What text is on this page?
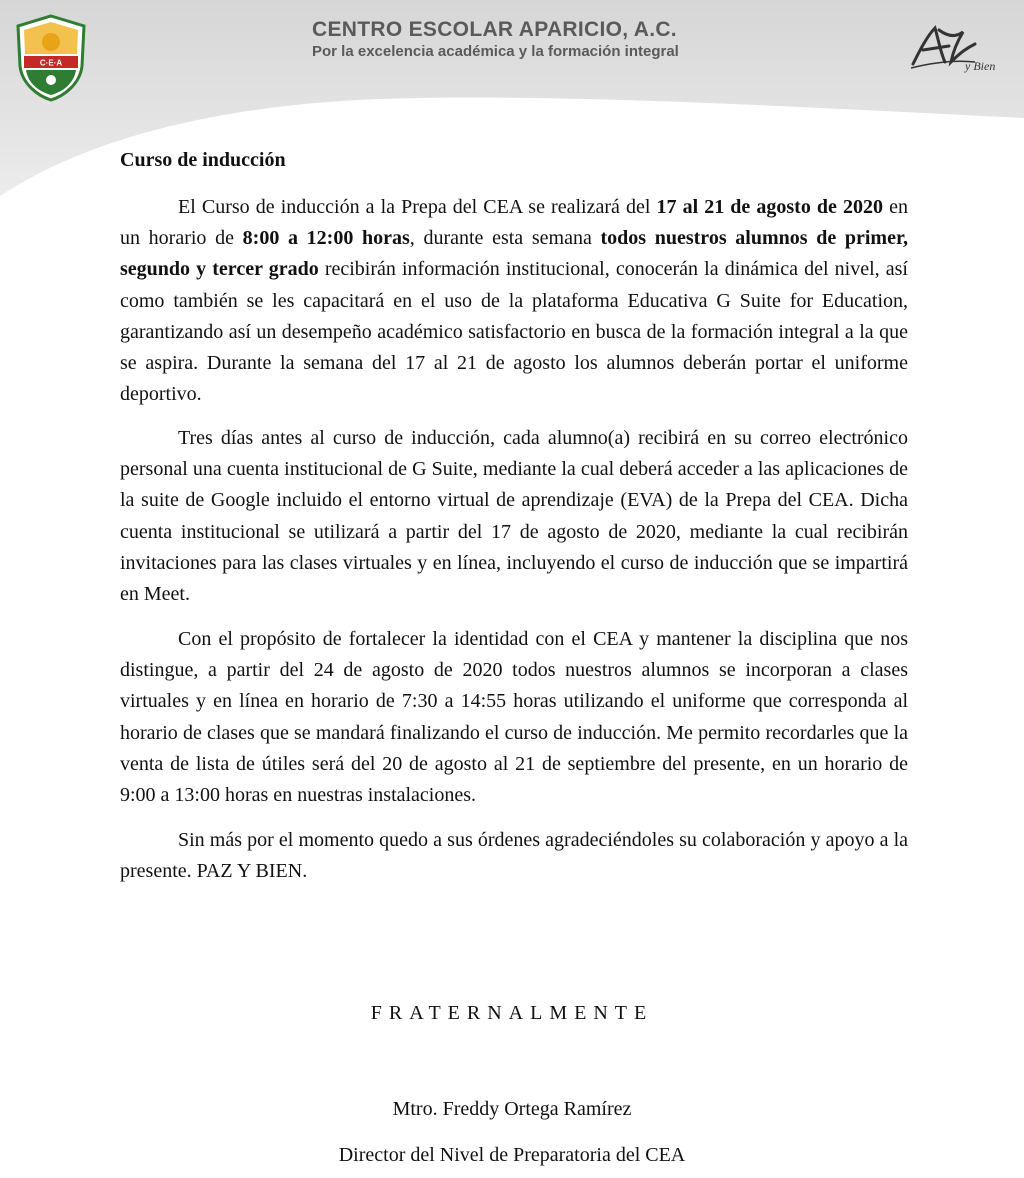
C·E·A
CENTRO ESCOLAR APARICIO, A.C.
Por la excelencia académica y la formación integral
y Bien
Curso de inducción

El Curso de inducción a la Prepa del CEA se realizará del 17 al 21 de agosto de 2020 en un horario de 8:00 a 12:00 horas, durante esta semana todos nuestros alumnos de primer, segundo y tercer grado recibirán información institucional, conocerán la dinámica del nivel, así como también se les capacitará en el uso de la plataforma Educativa G Suite for Education, garantizando así un desempeño académico satisfactorio en busca de la formación integral a la que se aspira. Durante la semana del 17 al 21 de agosto los alumnos deberán portar el uniforme deportivo.

Tres días antes al curso de inducción, cada alumno(a) recibirá en su correo electrónico personal una cuenta institucional de G Suite, mediante la cual deberá acceder a las aplicaciones de la suite de Google incluido el entorno virtual de aprendizaje (EVA) de la Prepa del CEA. Dicha cuenta institucional se utilizará a partir del 17 de agosto de 2020, mediante la cual recibirán invitaciones para las clases virtuales y en línea, incluyendo el curso de inducción que se impartirá en Meet.

Con el propósito de fortalecer la identidad con el CEA y mantener la disciplina que nos distingue, a partir del 24 de agosto de 2020 todos nuestros alumnos se incorporan a clases virtuales y en línea en horario de 7:30 a 14:55 horas utilizando el uniforme que corresponda al horario de clases que se mandará finalizando el curso de inducción. Me permito recordarles que la venta de lista de útiles será del 20 de agosto al 21 de septiembre del presente, en un horario de 9:00 a 13:00 horas en nuestras instalaciones.

Sin más por el momento quedo a sus órdenes agradeciéndoles su colaboración y apoyo a la presente. PAZ Y BIEN.

FRATERNALMENTE
Mtro. Freddy Ortega Ramírez
Director del Nivel de Preparatoria del CEA
